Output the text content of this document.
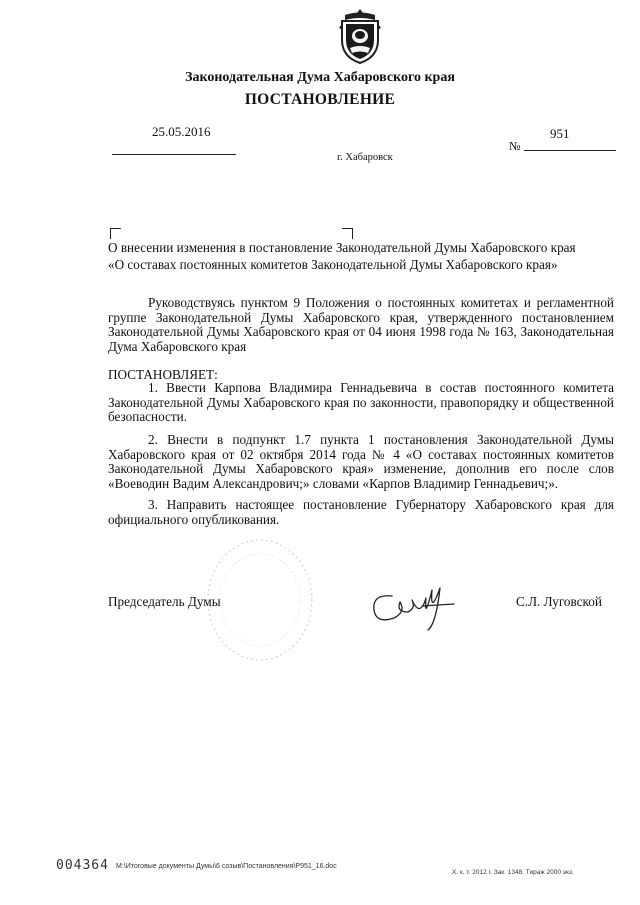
Законодательная Дума Хабаровского края
ПОСТАНОВЛЕНИЕ
25.05.2016	951
№
г. Хабаровск
О внесении изменения в постановление Законодательной Думы Хабаровского края
«О составах постоянных комитетов Законодательной Думы Хабаровского края»
Руководствуясь пунктом 9 Положения о постоянных комитетах и регламентной группе Законодательной Думы Хабаровского края, утвержденного постановлением Законодательной Думы Хабаровского края от 04 июня 1998 года № 163, Законодательная Дума Хабаровского края
ПОСТАНОВЛЯЕТ:
1. Ввести Карпова Владимира Геннадьевича в состав постоянного комитета Законодательной Думы Хабаровского края по законности, правопорядку и общественной безопасности.
2. Внести в подпункт 1.7 пункта 1 постановления Законодательной Думы Хабаровского края от 02 октября 2014 года № 4 «О составах постоянных комитетов Законодательной Думы Хабаровского края» изменение, дополнив его после слов «Воеводин Вадим Александрович;» словами «Карпов Владимир Геннадьевич;».
3. Направить настоящее постановление Губернатору Хабаровского края для официального опубликования.
Председатель Думы	С.Л. Луговской
004364 M:\Итоговые документы Думы\6 созыв\Постановления\P951_16.doc
Х. к. т. 2012 г. Зак. 1348. Тираж 2000 экз.
